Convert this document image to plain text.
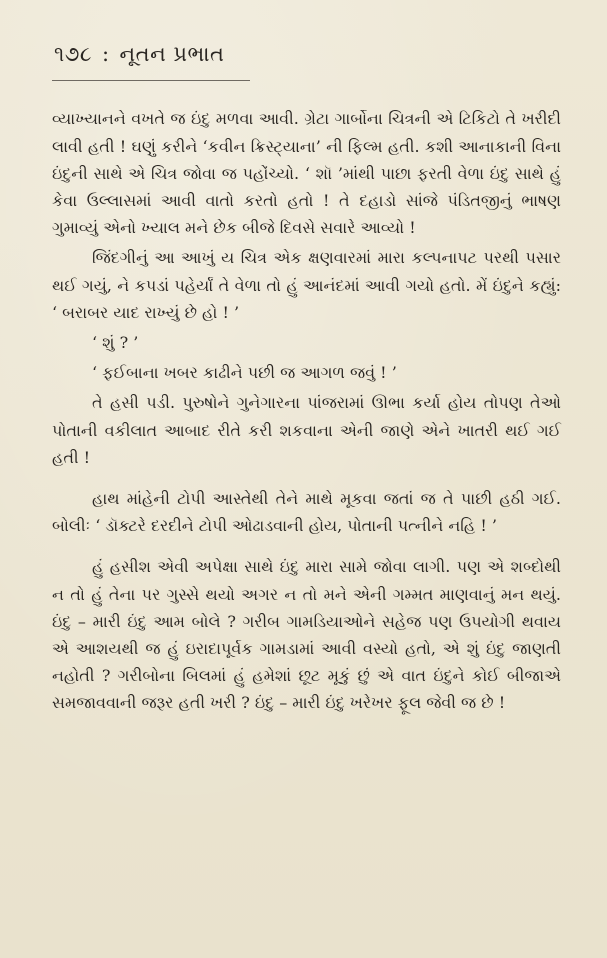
૧૭૮ : નૂતન પ્રભાત

વ્યાખ્યાનને વખતે જ ઇંદુ મળવા આવી. ગ્રેટા ગાર્બોના ચિત્રની એ ટિકિટો તે ખરીદી લાવી હતી ! ઘણું કરીને ‘કવીન ક્રિસ્ટ્યાના’ ની ફિલ્મ હતી. કશી આનાકાની વિના ઇંદુની સાથે એ ચિત્ર જોવા જ પહોંચ્યો. ‘ શૉ ’માંથી પાછા ફરતી વેળા ઇંદુ સાથે હું કેવા ઉલ્લાસમાં આવી વાતો કરતો હતો ! તે દહાડો સાંજે પંડિતજીનું ભાષણ ગુમાવ્યું એનો ખ્યાલ મને છેક બીજે દિવસે સવારે આવ્યો !

જિંદગીનું આ આખું ય ચિત્ર એક ક્ષણવારમાં મારા કલ્પનાપટ પરથી પસાર થઈ ગયું, ને કપડાં પહેર્યાં તે વેળા તો હું આનંદમાં આવી ગયો હતો. મેં ઇંદુને કહ્યું: ‘ બરાબર યાદ રાખ્યું છે હો ! ’

‘ શું ? ’

‘ ફઈબાના ખબર કાઢીને પછી જ આગળ જવું ! ’

તે હસી પડી. પુરુષોને ગુનેગારના પાંજરામાં ઊભા કર્યા હોય તોપણ તેઓ પોતાની વકીલાત આબાદ રીતે કરી શકવાના એની જાણે એને ખાતરી થઈ ગઈ હતી !

હાથ માંહેની ટોપી આસ્તેથી તેને માથે મૂકવા જતાં જ તે પાછી હઠી ગઈ. બોલીઃ ‘ ડૉક્ટરે દરદીને ટોપી ઓઢાડવાની હોય, પોતાની પત્નીને નહિ ! ’

હું હસીશ એવી અપેક્ષા સાથે ઇંદુ મારા સામે જોવા લાગી. પણ એ શબ્દોથી ન તો હું તેના પર ગુસ્સે થયો અગર ન તો મને એની ગમ્મત માણવાનું મન થયું. ઇંદુ – મારી ઇંદુ આમ બોલે ? ગરીબ ગામડિયાઓને સહેજ પણ ઉપયોગી થવાય એ આશયથી જ હું ઇરાદાપૂર્વક ગામડામાં આવી વસ્યો હતો, એ શું ઇંદુ જાણતી નહોતી ? ગરીબોના બિલમાં હું હમેશાં છૂટ મૂકું છું એ વાત ઇંદુને કોઈ બીજાએ સમજાવવાની જરૂર હતી ખરી ? ઇંદુ – મારી ઇંદુ ખરેખર ફૂલ જેવી જ છે !
